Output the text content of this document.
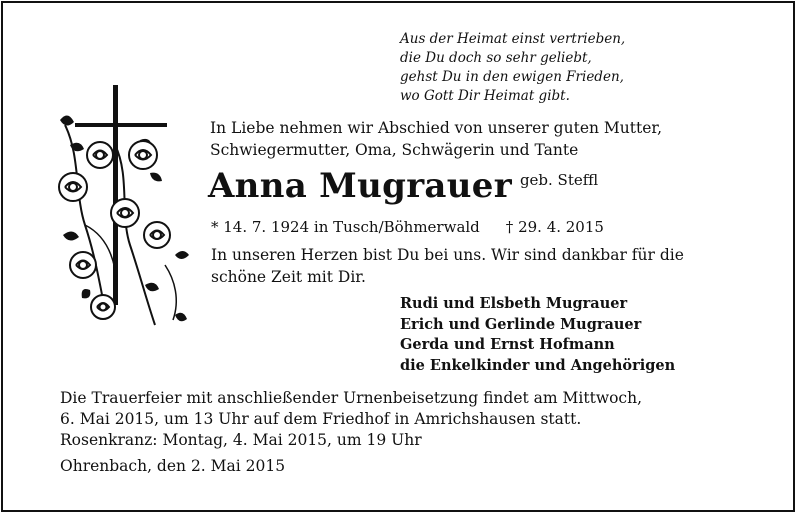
Aus der Heimat einst vertrieben,
die Du doch so sehr geliebt,
gehst Du in den ewigen Frieden,
wo Gott Dir Heimat gibt.
In Liebe nehmen wir Abschied von unserer guten Mutter,
Schwiegermutter, Oma, Schwägerin und Tante
Anna Mugrauer geb. Steffl
* 14. 7. 1924 in Tusch/Böhmerwald † 29. 4. 2015
In unseren Herzen bist Du bei uns. Wir sind dankbar für die
schöne Zeit mit Dir.
Rudi und Elsbeth Mugrauer
Erich und Gerlinde Mugrauer
Gerda und Ernst Hofmann
die Enkelkinder und Angehörigen
Die Trauerfeier mit anschließender Urnenbeisetzung findet am Mittwoch,
6. Mai 2015, um 13 Uhr auf dem Friedhof in Amrichshausen statt.
Rosenkranz: Montag, 4. Mai 2015, um 19 Uhr
Ohrenbach, den 2. Mai 2015
